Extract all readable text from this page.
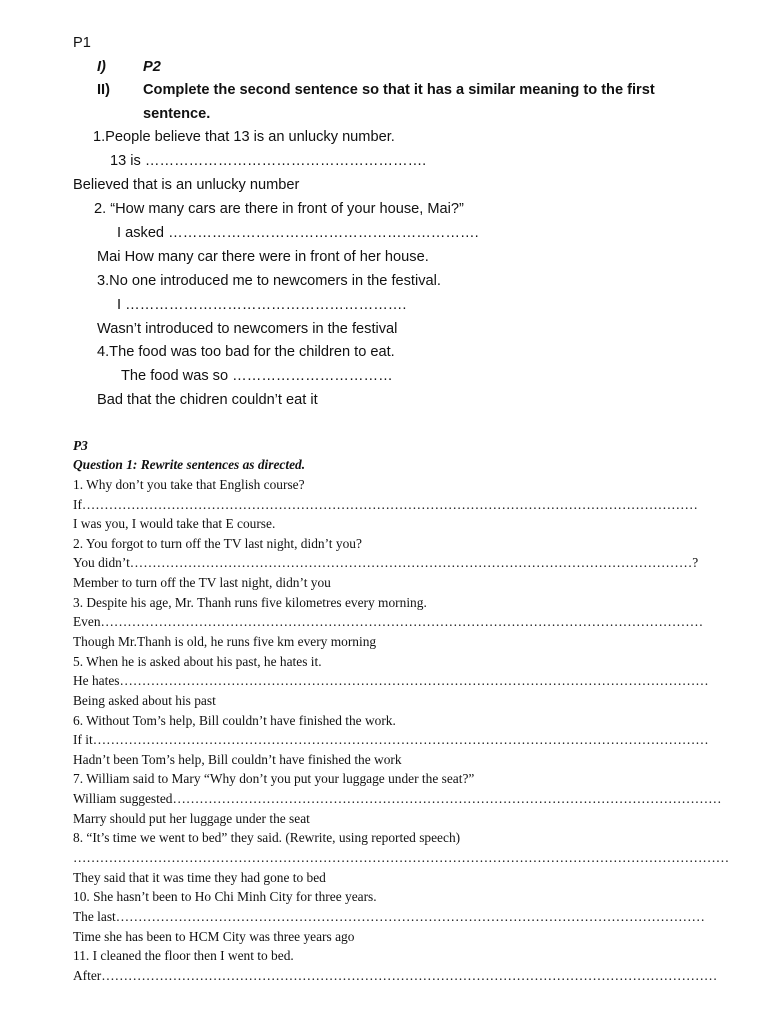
P1
I)	P2
II) Complete the second sentence so that it has a similar meaning to the first
sentence.
1.People believe that 13 is an unlucky number.
13 is ………………………………………………….
Believed that is an unlucky number
2. “How many cars are there in front of your house, Mai?”
I asked ……………………………………………………….
Mai How many car there were in front of her house.
3.No one introduced me to newcomers in the festival.
I ………………………………………………….
Wasn’t introduced to newcomers in the festival
4.The food was too bad for the children to eat.
The food was so ……………………………
Bad that the chidren couldn’t eat it
P3
Question 1: Rewrite sentences as directed.
1. Why don’t you take that English course?
If…………………………………………………………………………………………………………………………
I was you, I would take that E course.
2. You forgot to turn off the TV last night, didn’t you?
You didn’t………………………………………………………………………………………………………………?
Member to turn off the TV last night, didn’t you
3. Despite his age, Mr. Thanh runs five kilometres every morning.
Even………………………………………………………………………………………………………………………
Though Mr.Thanh is old, he runs five km every morning
5. When he is asked about his past, he hates it.
He hates……………………………………………………………………………………………………………………
Being asked about his past
6. Without Tom’s help, Bill couldn’t have finished the work.
If it…………………………………………………………………………………………………………………………
Hadn’t been Tom’s help, Bill couldn’t have finished the work
7. William said to Mary “Why don’t you put your luggage under the seat?”
William suggested……………………………………………………………………………………………………………
Marry should put her luggage under the seat
8. “It’s time we went to bed” they said. (Rewrite, using reported speech)
…………………………………………………………………………………………………………………………………
They said that it was time they had gone to bed
10. She hasn’t been to Ho Chi Minh City for three years.
The last……………………………………………………………………………………………………………………
Time she has been to HCM City was three years ago
11. I cleaned the floor then I went to bed.
After…………………………………………………………………………………………………………………………
